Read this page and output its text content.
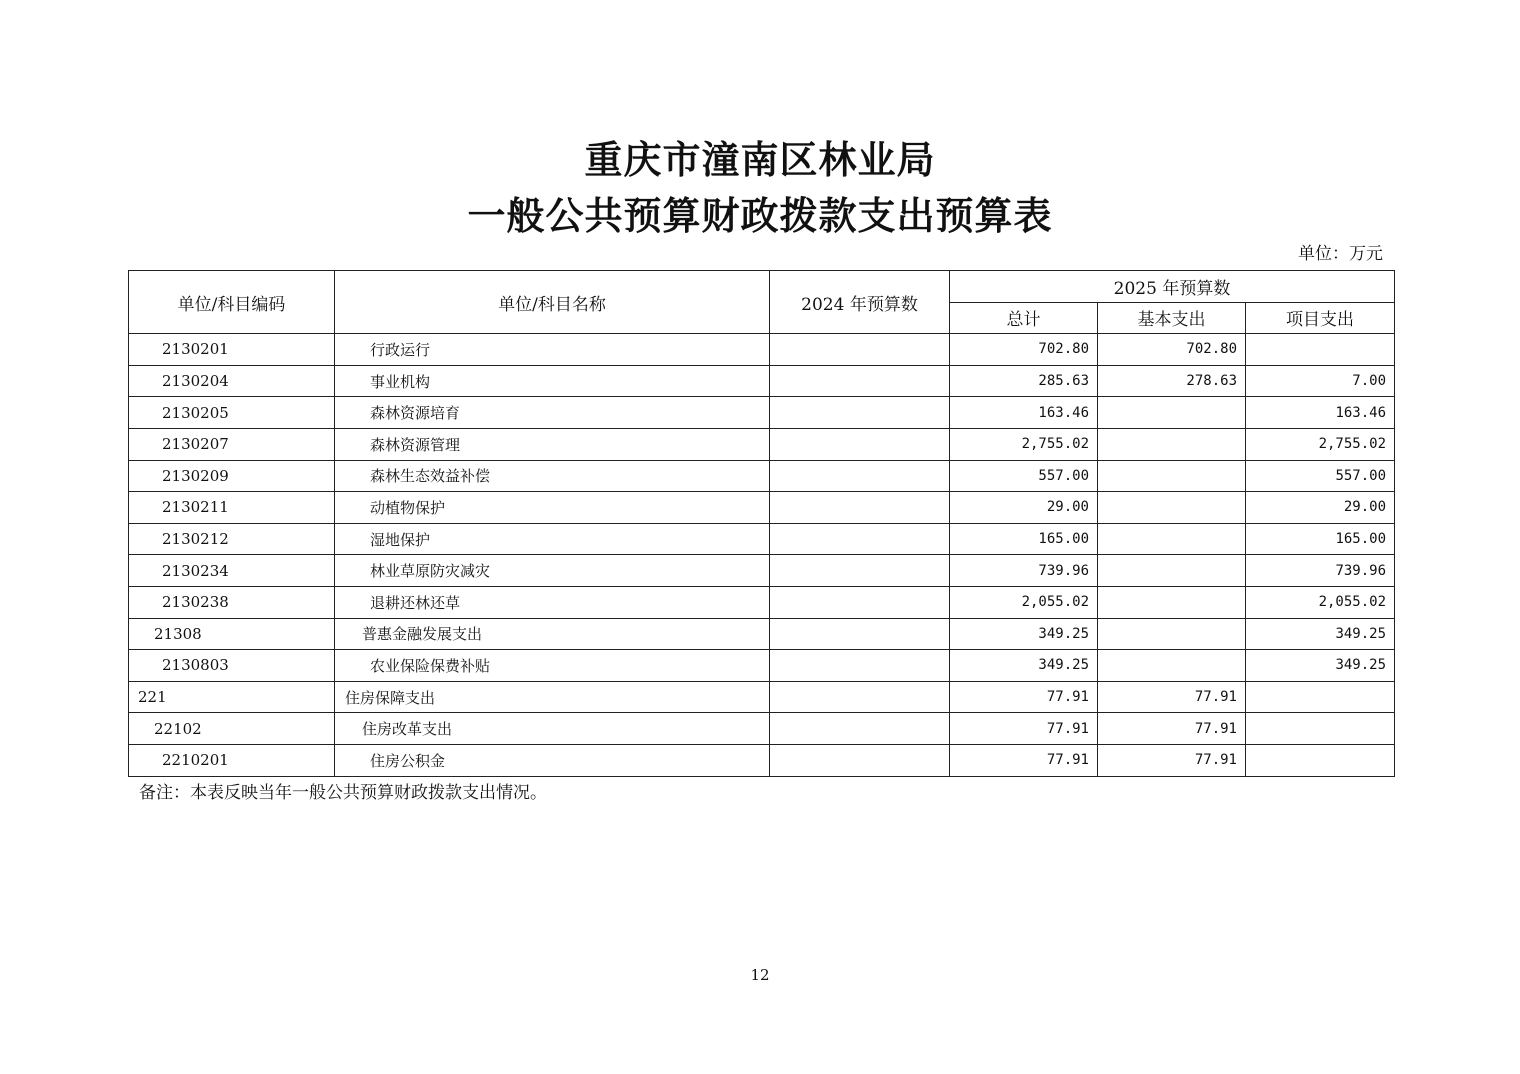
重庆市潼南区林业局
一般公共预算财政拨款支出预算表
单位：万元
单位/科目编码	单位/科目名称	2024 年预算数	2025 年预算数		
			总计	基本支出	项目支出
2130201	行政运行		702.80	702.80	
2130204	事业机构		285.63	278.63	7.00
2130205	森林资源培育		163.46		163.46
2130207	森林资源管理		2,755.02		2,755.02
2130209	森林生态效益补偿		557.00		557.00
2130211	动植物保护		29.00		29.00
2130212	湿地保护		165.00		165.00
2130234	林业草原防灾减灾		739.96		739.96
2130238	退耕还林还草		2,055.02		2,055.02
21308	普惠金融发展支出		349.25		349.25
2130803	农业保险保费补贴		349.25		349.25
221	住房保障支出		77.91	77.91	
22102	住房改革支出		77.91	77.91	
2210201	住房公积金		77.91	77.91	
备注：本表反映当年一般公共预算财政拨款支出情况。
12
